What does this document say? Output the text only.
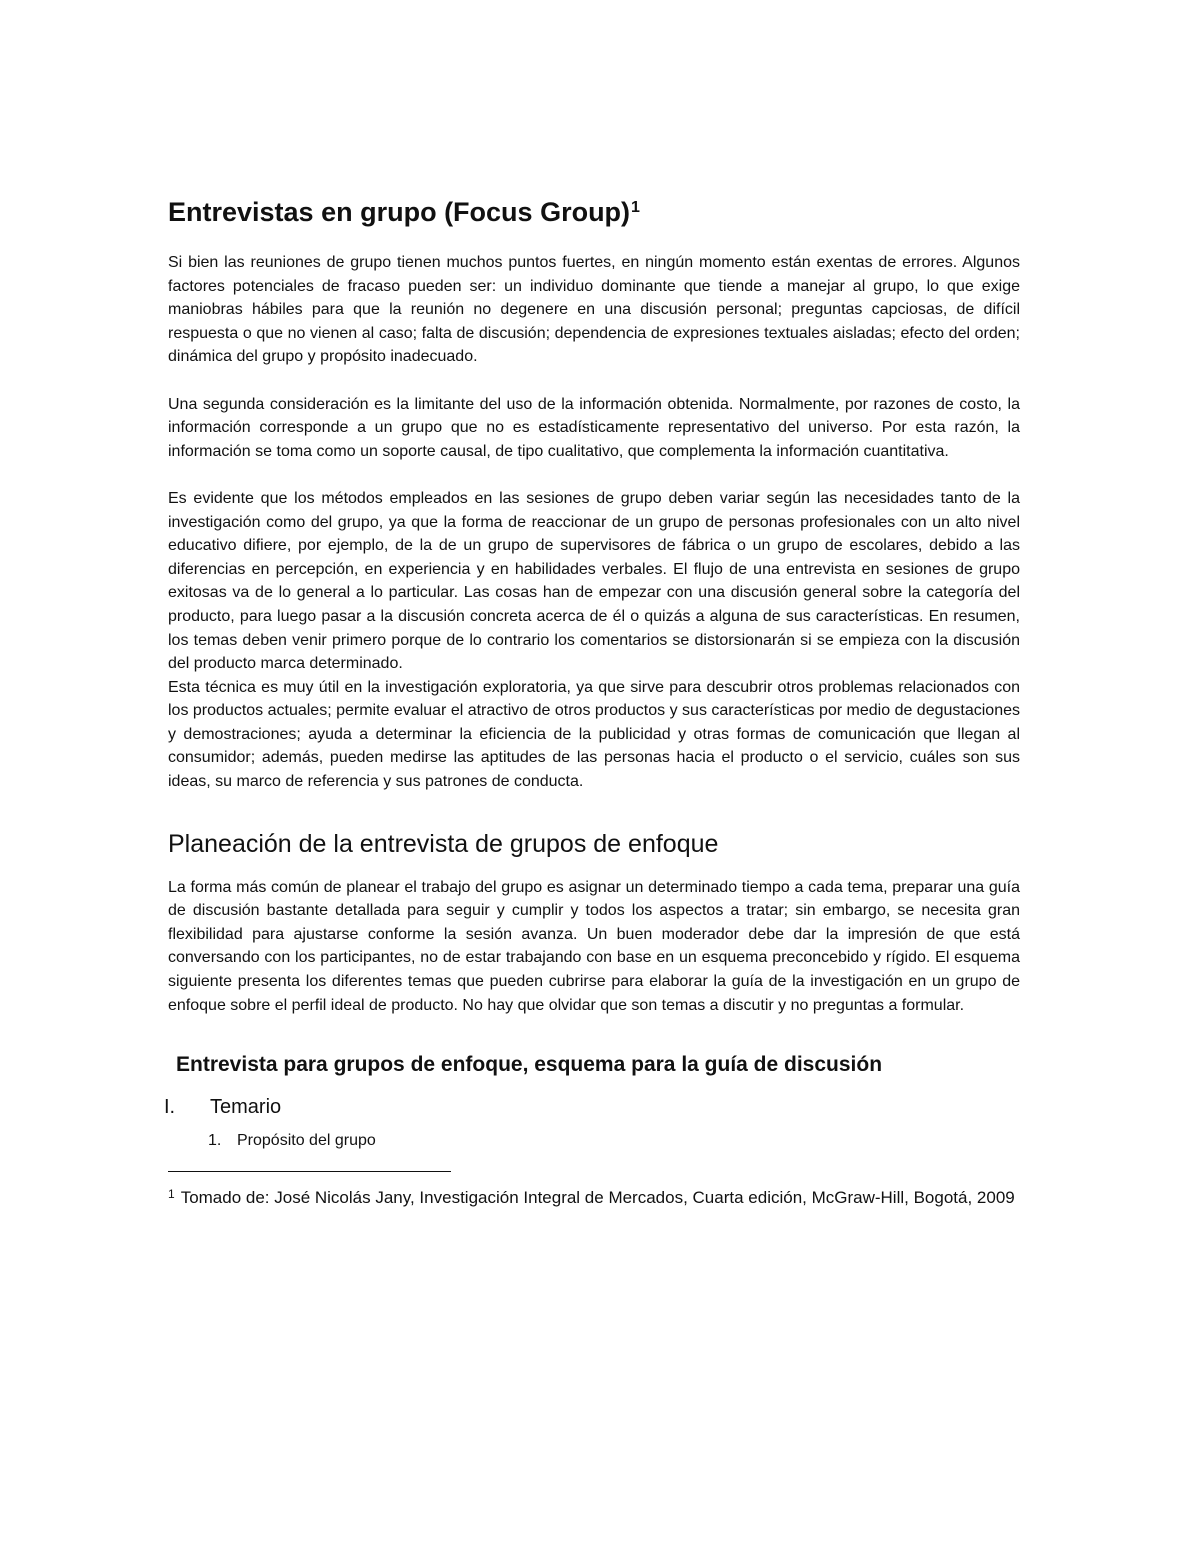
Entrevistas en grupo (Focus Group)$^1$

Si bien las reuniones de grupo tienen muchos puntos fuertes, en ningún momento están exentas de errores. Algunos factores potenciales de fracaso pueden ser: un individuo dominante que tiende a manejar al grupo, lo que exige maniobras hábiles para que la reunión no degenere en una discusión personal; preguntas capciosas, de difícil respuesta o que no vienen al caso; falta de discusión; dependencia de expresiones textuales aisladas; efecto del orden; dinámica del grupo y propósito inadecuado.

Una segunda consideración es la limitante del uso de la información obtenida. Normalmente, por razones de costo, la información corresponde a un grupo que no es estadísticamente representativo del universo. Por esta razón, la información se toma como un soporte causal, de tipo cualitativo, que complementa la información cuantitativa.

Es evidente que los métodos empleados en las sesiones de grupo deben variar según las necesidades tanto de la investigación como del grupo, ya que la forma de reaccionar de un grupo de personas profesionales con un alto nivel educativo difiere, por ejemplo, de la de un grupo de supervisores de fábrica o un grupo de escolares, debido a las diferencias en percepción, en experiencia y en habilidades verbales. El flujo de una entrevista en sesiones de grupo exitosas va de lo general a lo particular. Las cosas han de empezar con una discusión general sobre la categoría del producto, para luego pasar a la discusión concreta acerca de él o quizás a alguna de sus características. En resumen, los temas deben venir primero porque de lo contrario los comentarios se distorsionarán si se empieza con la discusión del producto marca determinado.

Esta técnica es muy útil en la investigación exploratoria, ya que sirve para descubrir otros problemas relacionados con los productos actuales; permite evaluar el atractivo de otros productos y sus características por medio de degustaciones y demostraciones; ayuda a determinar la eficiencia de la publicidad y otras formas de comunicación que llegan al consumidor; además, pueden medirse las aptitudes de las personas hacia el producto o el servicio, cuáles son sus ideas, su marco de referencia y sus patrones de conducta.

Planeación de la entrevista de grupos de enfoque

La forma más común de planear el trabajo del grupo es asignar un determinado tiempo a cada tema, preparar una guía de discusión bastante detallada para seguir y cumplir y todos los aspectos a tratar; sin embargo, se necesita gran flexibilidad para ajustarse conforme la sesión avanza. Un buen moderador debe dar la impresión de que está conversando con los participantes, no de estar trabajando con base en un esquema preconcebido y rígido. El esquema siguiente presenta los diferentes temas que pueden cubrirse para elaborar la guía de la investigación en un grupo de enfoque sobre el perfil ideal de producto. No hay que olvidar que son temas a discutir y no preguntas a formular.

Entrevista para grupos de enfoque, esquema para la guía de discusión
I.	Temario
1. Propósito del grupo
$^1$ Tomado de: José Nicolás Jany, Investigación Integral de Mercados, Cuarta edición, McGraw-Hill, Bogotá, 2009
